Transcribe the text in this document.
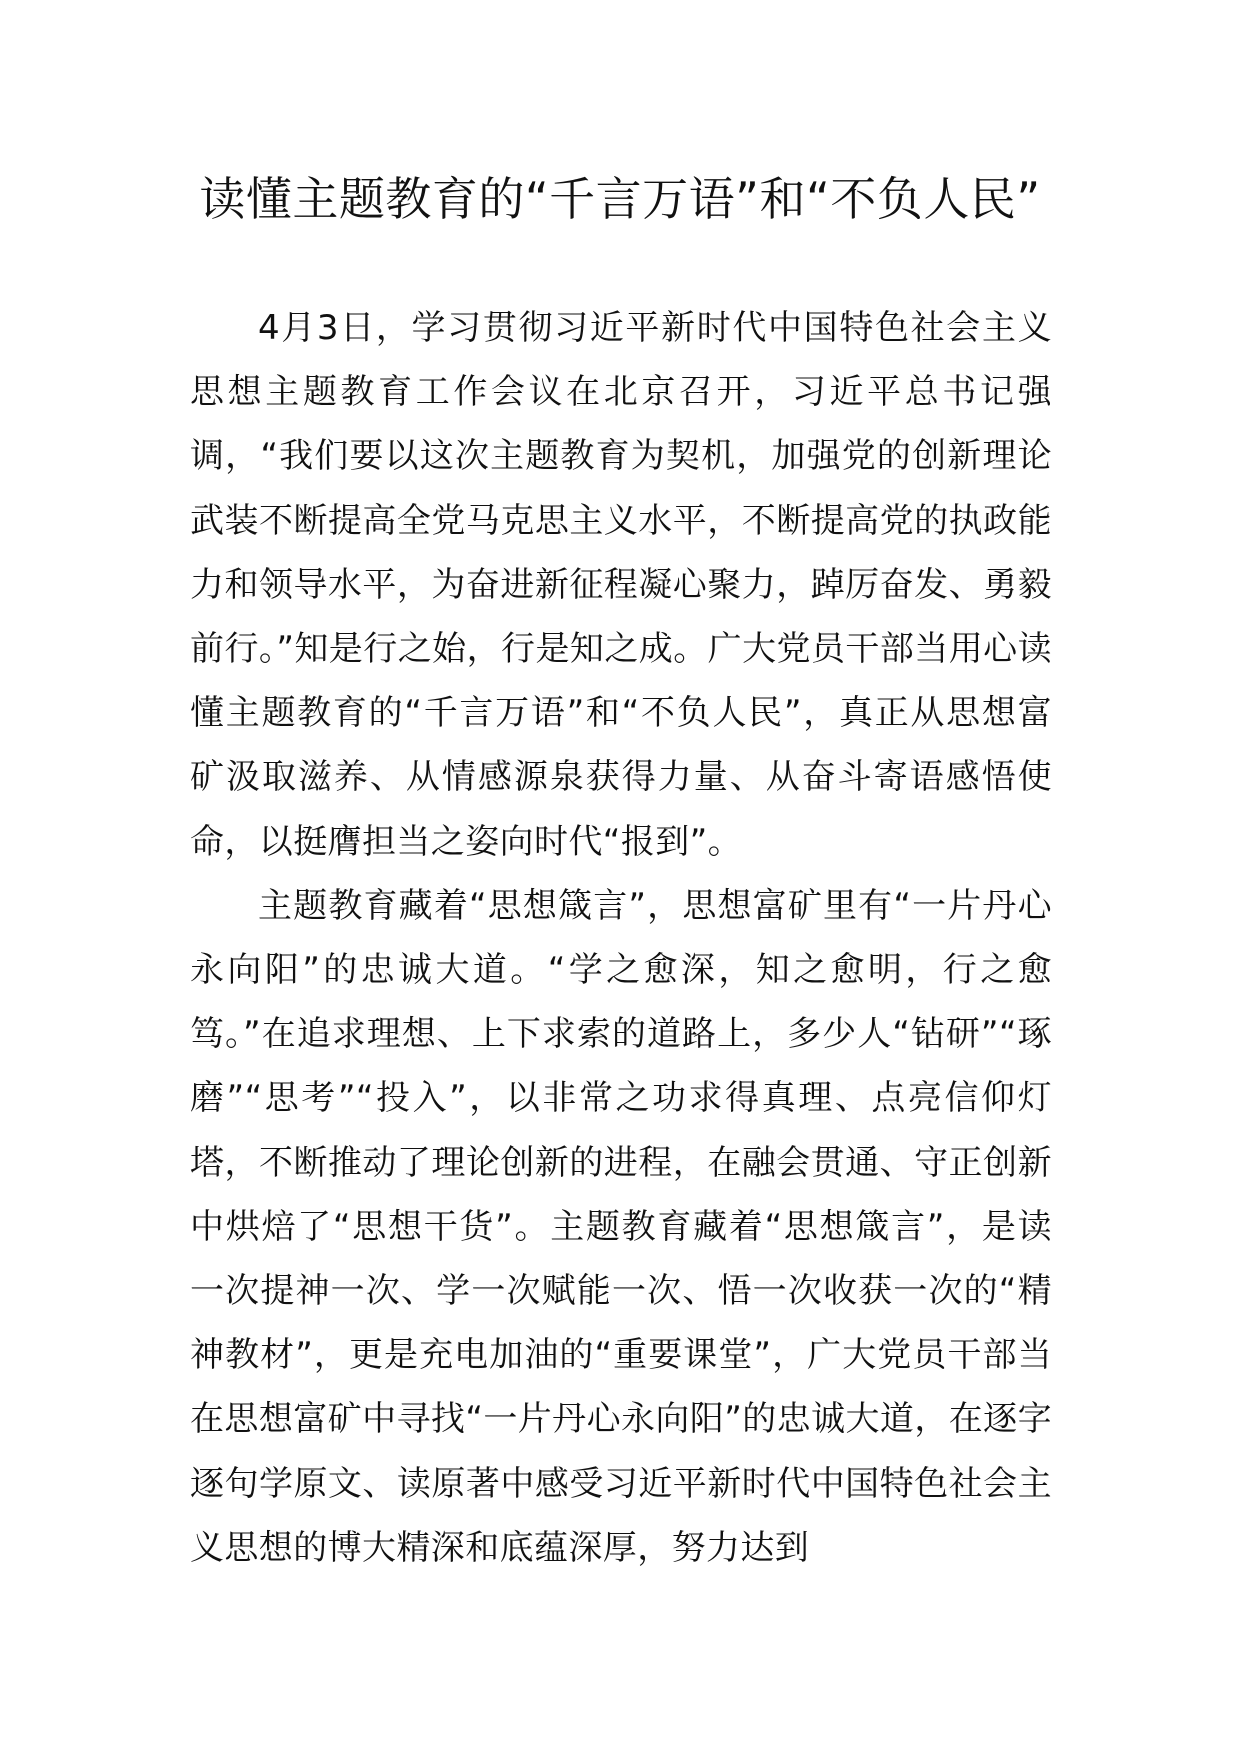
读懂主题教育的“千言万语”和“不负人民”

4月3日，学习贯彻习近平新时代中国特色社会主义思想主题教育工作会议在北京召开，习近平总书记强调，“我们要以这次主题教育为契机，加强党的创新理论武装不断提高全党马克思主义水平，不断提高党的执政能力和领导水平，为奋进新征程凝心聚力，踔厉奋发、勇毅前行。”知是行之始，行是知之成。广大党员干部当用心读懂主题教育的“千言万语”和“不负人民”，真正从思想富矿汲取滋养、从情感源泉获得力量、从奋斗寄语感悟使命，以挺膺担当之姿向时代“报到”。

主题教育藏着“思想箴言”，思想富矿里有“一片丹心永向阳”的忠诚大道。“学之愈深，知之愈明，行之愈笃。”在追求理想、上下求索的道路上，多少人“钻研”“琢磨”“思考”“投入”，以非常之功求得真理、点亮信仰灯塔，不断推动了理论创新的进程，在融会贯通、守正创新中烘焙了“思想干货”。主题教育藏着“思想箴言”，是读一次提神一次、学一次赋能一次、悟一次收获一次的“精神教材”，更是充电加油的“重要课堂”，广大党员干部当在思想富矿中寻找“一片丹心永向阳”的忠诚大道，在逐字逐句学原文、读原著中感受习近平新时代中国特色社会主义思想的博大精深和底蕴深厚，努力达到
